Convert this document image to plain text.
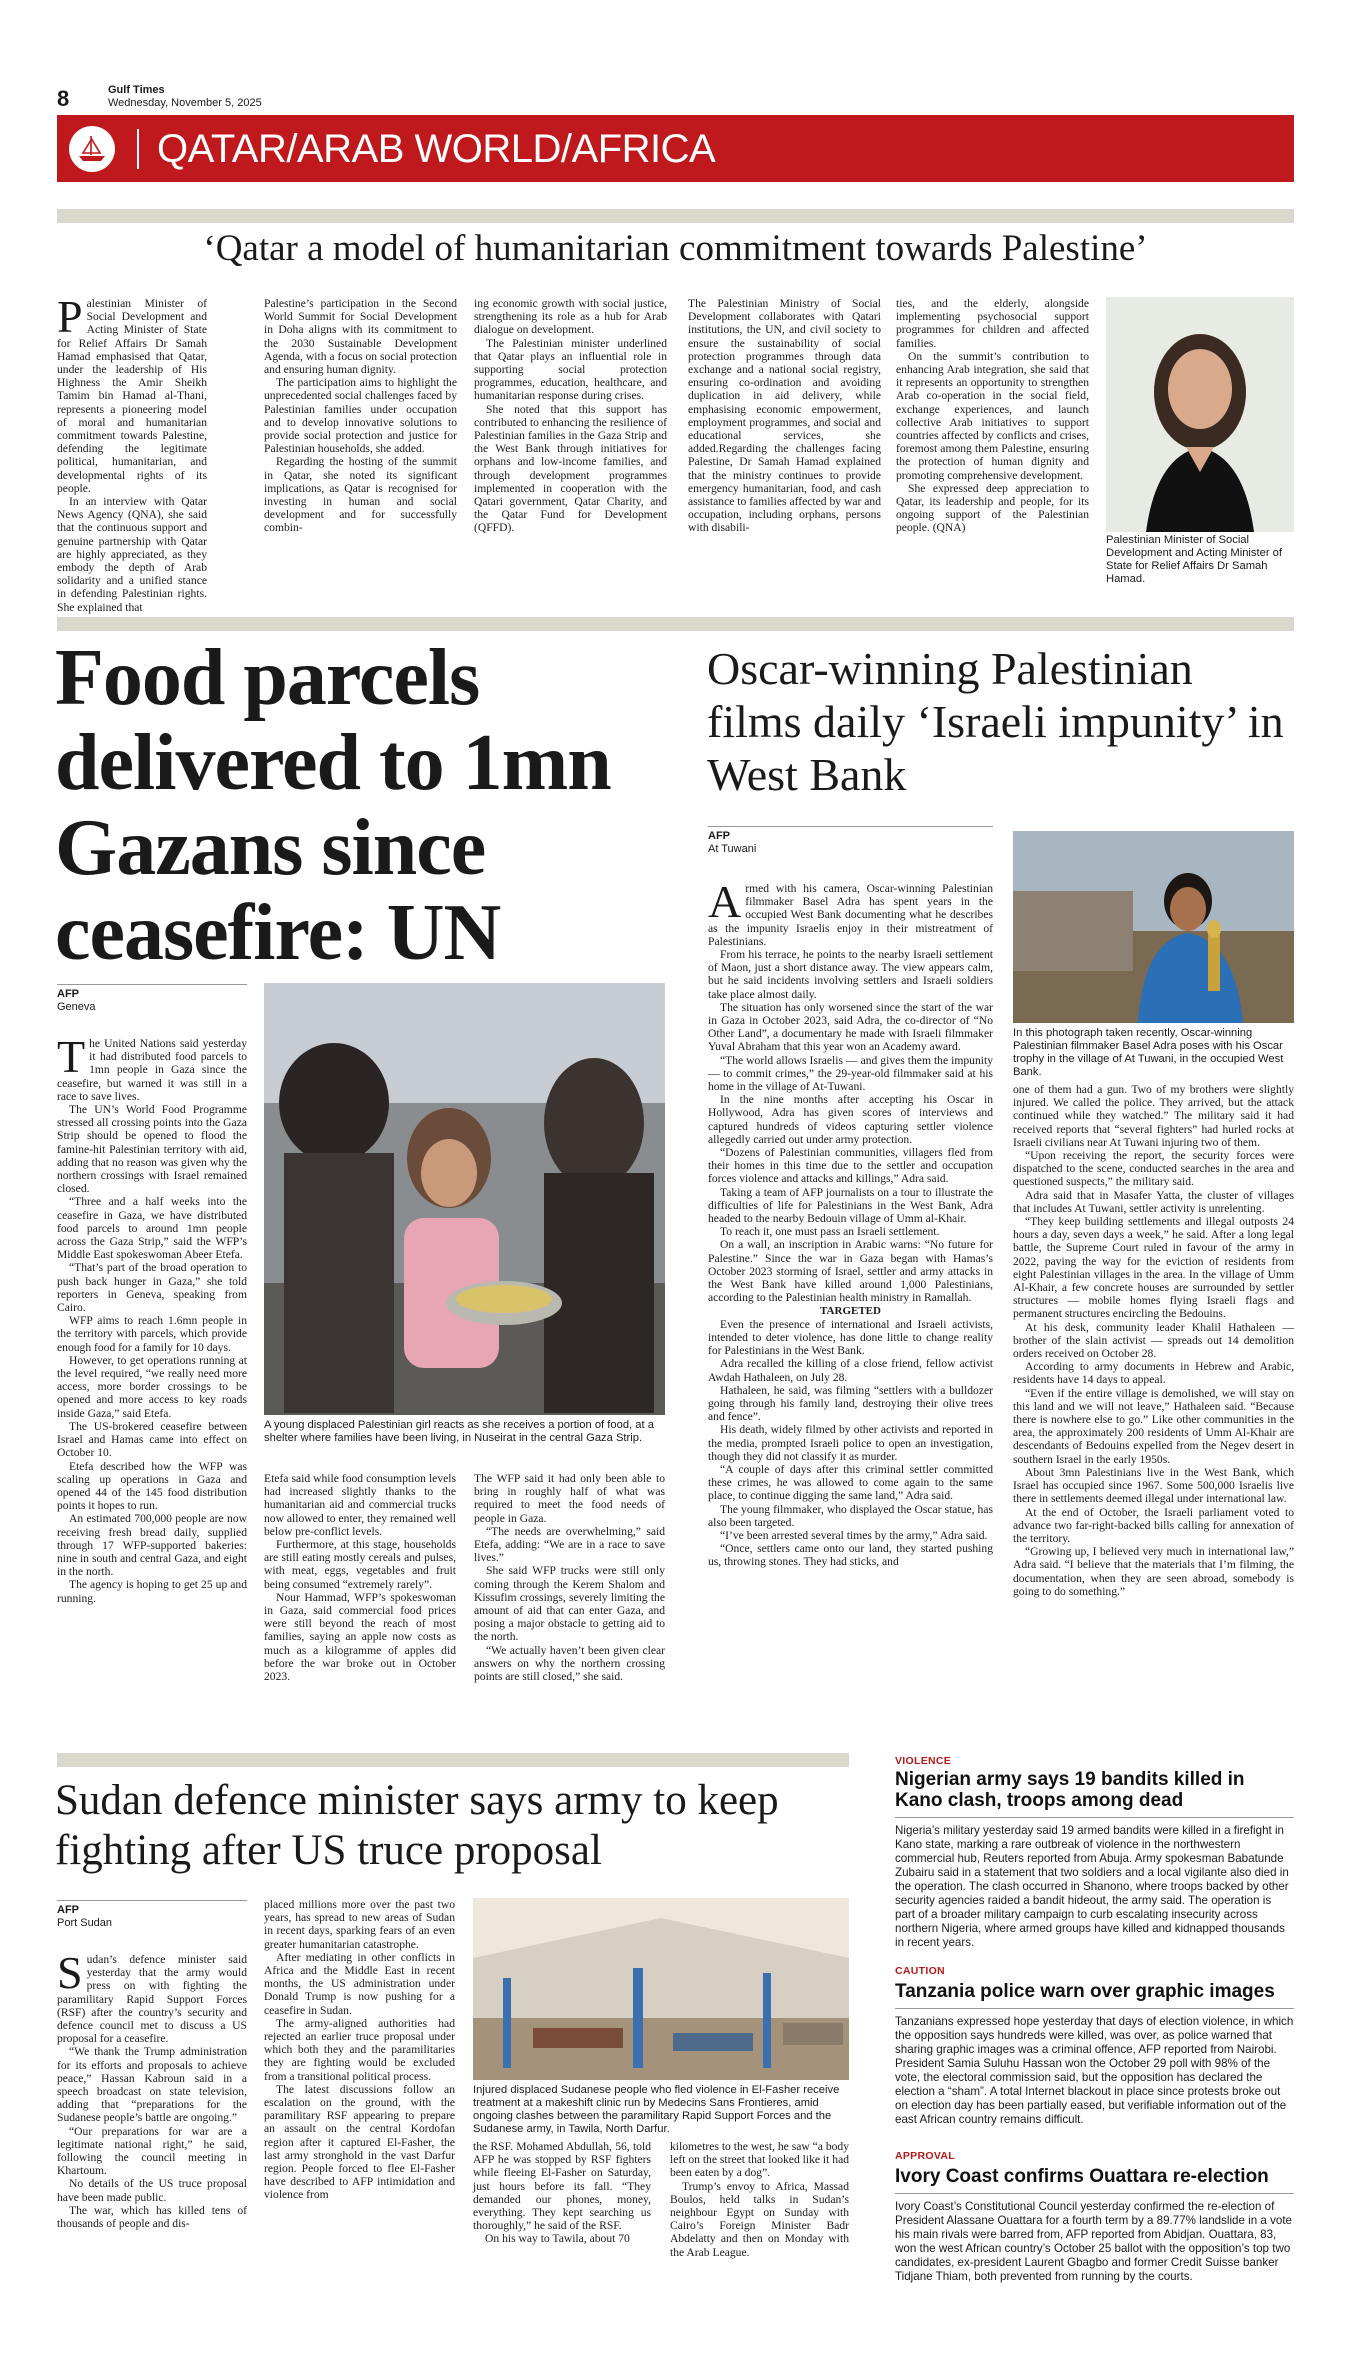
8	Gulf Times
Wednesday, November 5, 2025
QATAR/ARAB WORLD/AFRICA
‘Qatar a model of humanitarian commitment towards Palestine’
P alestinian Minister of Social Development and Acting Minister of State for Relief Affairs Dr Samah Hamad emphasised that Qatar, under the leadership of His Highness the Amir Sheikh Tamim bin Hamad al-Thani, represents a pioneering model of moral and humanitarian commitment towards Palestine, defending the legitimate political, humanitarian, and developmental rights of its people.

In an interview with Qatar News Agency (QNA), she said that the continuous support and genuine partnership with Qatar are highly appreciated, as they embody the depth of Arab solidarity and a unified stance in defending Palestinian rights. She explained that

Palestine’s participation in the Second World Summit for Social Development in Doha aligns with its commitment to the 2030 Sustainable Development Agenda, with a focus on social protection and ensuring human dignity.

The participation aims to highlight the unprecedented social challenges faced by Palestinian families under occupation and to develop innovative solutions to provide social protection and justice for Palestinian households, she added.

Regarding the hosting of the summit in Qatar, she noted its significant implications, as Qatar is recognised for investing in human and social development and for successfully combin-

ing economic growth with social justice, strengthening its role as a hub for Arab dialogue on development.

The Palestinian minister underlined that Qatar plays an influential role in supporting social protection programmes, education, healthcare, and humanitarian response during crises.

She noted that this support has contributed to enhancing the resilience of Palestinian families in the Gaza Strip and the West Bank through initiatives for orphans and low-income families, and through development programmes implemented in cooperation with the Qatari government, Qatar Charity, and the Qatar Fund for Development (QFFD).

The Palestinian Ministry of Social Development collaborates with Qatari institutions, the UN, and civil society to ensure the sustainability of social protection programmes through data exchange and a national social registry, ensuring co-ordination and avoiding duplication in aid delivery, while emphasising economic empowerment, employment programmes, and social and educational services, she added.Regarding the challenges facing Palestine, Dr Samah Hamad explained that the ministry continues to provide emergency humanitarian, food, and cash assistance to families affected by war and occupation, including orphans, persons with disabili-

ties, and the elderly, alongside implementing psychosocial support programmes for children and affected families.

On the summit’s contribution to enhancing Arab integration, she said that it represents an opportunity to strengthen Arab co-operation in the social field, exchange experiences, and launch collective Arab initiatives to support countries affected by conflicts and crises, foremost among them Palestine, ensuring the protection of human dignity and promoting comprehensive development.

She expressed deep appreciation to Qatar, its leadership and people, for its ongoing support of the Palestinian people. (QNA)

Palestinian Minister of Social Development and Acting Minister of State for Relief Affairs Dr Samah Hamad.
Food parcels delivered to 1mn Gazans since ceasefire: UN
AFP
Geneva
T he United Nations said yesterday it had distributed food parcels to 1mn people in Gaza since the ceasefire, but warned it was still in a race to save lives.

The UN’s World Food Programme stressed all crossing points into the Gaza Strip should be opened to flood the famine-hit Palestinian territory with aid, adding that no reason was given why the northern crossings with Israel remained closed.

“Three and a half weeks into the ceasefire in Gaza, we have distributed food parcels to around 1mn people across the Gaza Strip,” said the WFP’s Middle East spokeswoman Abeer Etefa.

“That’s part of the broad operation to push back hunger in Gaza,” she told reporters in Geneva, speaking from Cairo.

WFP aims to reach 1.6mn people in the territory with parcels, which provide enough food for a family for 10 days.

However, to get operations running at the level required, “we really need more access, more border crossings to be opened and more access to key roads inside Gaza,” said Etefa.

The US-brokered ceasefire between Israel and Hamas came into effect on October 10.

Etefa described how the WFP was scaling up operations in Gaza and opened 44 of the 145 food distribution points it hopes to run.

An estimated 700,000 people are now receiving fresh bread daily, supplied through 17 WFP-supported bakeries: nine in south and central Gaza, and eight in the north.

The agency is hoping to get 25 up and running.

A young displaced Palestinian girl reacts as she receives a portion of food, at a shelter where families have been living, in Nuseirat in the central Gaza Strip.

Etefa said while food consumption levels had increased slightly thanks to the humanitarian aid and commercial trucks now allowed to enter, they remained well below pre-conflict levels.

Furthermore, at this stage, households are still eating mostly cereals and pulses, with meat, eggs, vegetables and fruit being consumed “extremely rarely”.

Nour Hammad, WFP’s spokeswoman in Gaza, said commercial food prices were still beyond the reach of most families, saying an apple now costs as much as a kilogramme of apples did before the war broke out in October 2023.

The WFP said it had only been able to bring in roughly half of what was required to meet the food needs of people in Gaza.

“The needs are overwhelming,” said Etefa, adding: “We are in a race to save lives.”

She said WFP trucks were still only coming through the Kerem Shalom and Kissufim crossings, severely limiting the amount of aid that can enter Gaza, and posing a major obstacle to getting aid to the north.

“We actually haven’t been given clear answers on why the northern crossing points are still closed,” she said.

Oscar-winning Palestinian films daily ‘Israeli impunity’ in West Bank
AFP
At Tuwani
A rmed with his camera, Oscar-winning Palestinian filmmaker Basel Adra has spent years in the occupied West Bank documenting what he describes as the impunity Israelis enjoy in their mistreatment of Palestinians.

From his terrace, he points to the nearby Israeli settlement of Maon, just a short distance away. The view appears calm, but he said incidents involving settlers and Israeli soldiers take place almost daily.

The situation has only worsened since the start of the war in Gaza in October 2023, said Adra, the co-director of “No Other Land”, a documentary he made with Israeli filmmaker Yuval Abraham that this year won an Academy award.

“The world allows Israelis — and gives them the impunity — to commit crimes,” the 29-year-old filmmaker said at his home in the village of At-Tuwani.

In the nine months after accepting his Oscar in Hollywood, Adra has given scores of interviews and captured hundreds of videos capturing settler violence allegedly carried out under army protection.

“Dozens of Palestinian communities, villagers fled from their homes in this time due to the settler and occupation forces violence and attacks and killings,” Adra said.

Taking a team of AFP journalists on a tour to illustrate the difficulties of life for Palestinians in the West Bank, Adra headed to the nearby Bedouin village of Umm al-Khair.

To reach it, one must pass an Israeli settlement.

On a wall, an inscription in Arabic warns: “No future for Palestine.” Since the war in Gaza began with Hamas’s October 2023 storming of Israel, settler and army attacks in the West Bank have killed around 1,000 Palestinians, according to the Palestinian health ministry in Ramallah.

TARGETED

Even the presence of international and Israeli activists, intended to deter violence, has done little to change reality for Palestinians in the West Bank.

Adra recalled the killing of a close friend, fellow activist Awdah Hathaleen, on July 28.

Hathaleen, he said, was filming “settlers with a bulldozer going through his family land, destroying their olive trees and fence”.

His death, widely filmed by other activists and reported in the media, prompted Israeli police to open an investigation, though they did not classify it as murder.

“A couple of days after this criminal settler committed these crimes, he was allowed to come again to the same place, to continue digging the same land,” Adra said.

The young filmmaker, who displayed the Oscar statue, has also been targeted.

“I’ve been arrested several times by the army,” Adra said.

“Once, settlers came onto our land, they started pushing us, throwing stones. They had sticks, and

In this photograph taken recently, Oscar-winning Palestinian filmmaker Basel Adra poses with his Oscar trophy in the village of At Tuwani, in the occupied West Bank.

one of them had a gun. Two of my brothers were slightly injured. We called the police. They arrived, but the attack continued while they watched.” The military said it had received reports that “several fighters” had hurled rocks at Israeli civilians near At Tuwani injuring two of them.

“Upon receiving the report, the security forces were dispatched to the scene, conducted searches in the area and questioned suspects,” the military said.

Adra said that in Masafer Yatta, the cluster of villages that includes At Tuwani, settler activity is unrelenting.

“They keep building settlements and illegal outposts 24 hours a day, seven days a week,” he said. After a long legal battle, the Supreme Court ruled in favour of the army in 2022, paving the way for the eviction of residents from eight Palestinian villages in the area. In the village of Umm Al-Khair, a few concrete houses are surrounded by settler structures — mobile homes flying Israeli flags and permanent structures encircling the Bedouins.

At his desk, community leader Khalil Hathaleen — brother of the slain activist — spreads out 14 demolition orders received on October 28.

According to army documents in Hebrew and Arabic, residents have 14 days to appeal.

“Even if the entire village is demolished, we will stay on this land and we will not leave,” Hathaleen said. “Because there is nowhere else to go.” Like other communities in the area, the approximately 200 residents of Umm Al-Khair are descendants of Bedouins expelled from the Negev desert in southern Israel in the early 1950s.

About 3mn Palestinians live in the West Bank, which Israel has occupied since 1967. Some 500,000 Israelis live there in settlements deemed illegal under international law.

At the end of October, the Israeli parliament voted to advance two far-right-backed bills calling for annexation of the territory.

“Growing up, I believed very much in international law,” Adra said. “I believe that the materials that I’m filming, the documentation, when they are seen abroad, somebody is going to do something.”

Sudan defence minister says army to keep fighting after US truce proposal
AFP
Port Sudan
S udan’s defence minister said yesterday that the army would press on with fighting the paramilitary Rapid Support Forces (RSF) after the country’s security and defence council met to discuss a US proposal for a ceasefire.

“We thank the Trump administration for its efforts and proposals to achieve peace,” Hassan Kabroun said in a speech broadcast on state television, adding that “preparations for the Sudanese people’s battle are ongoing.”

“Our preparations for war are a legitimate national right,” he said, following the council meeting in Khartoum.

No details of the US truce proposal have been made public.

The war, which has killed tens of thousands of people and dis-

placed millions more over the past two years, has spread to new areas of Sudan in recent days, sparking fears of an even greater humanitarian catastrophe.

After mediating in other conflicts in Africa and the Middle East in recent months, the US administration under Donald Trump is now pushing for a ceasefire in Sudan.

The army-aligned authorities had rejected an earlier truce proposal under which both they and the paramilitaries they are fighting would be excluded from a transitional political process.

The latest discussions follow an escalation on the ground, with the paramilitary RSF appearing to prepare an assault on the central Kordofan region after it captured El-Fasher, the last army stronghold in the vast Darfur region. People forced to flee El-Fasher have described to AFP intimidation and violence from

Injured displaced Sudanese people who fled violence in El-Fasher receive treatment at a makeshift clinic run by Medecins Sans Frontieres, amid ongoing clashes between the paramilitary Rapid Support Forces and the Sudanese army, in Tawila, North Darfur.

the RSF. Mohamed Abdullah, 56, told AFP he was stopped by RSF fighters while fleeing El-Fasher on Saturday, just hours before its fall. “They demanded our phones, money, everything. They kept searching us thoroughly,” he said of the RSF.

On his way to Tawila, about 70

kilometres to the west, he saw “a body left on the street that looked like it had been eaten by a dog”.

Trump’s envoy to Africa, Massad Boulos, held talks in Sudan’s neighbour Egypt on Sunday with Cairo’s Foreign Minister Badr Abdelatty and then on Monday with the Arab League.

VIOLENCE
Nigerian army says 19 bandits killed in Kano clash, troops among dead
Nigeria’s military yesterday said 19 armed bandits were killed in a firefight in Kano state, marking a rare outbreak of violence in the northwestern commercial hub, Reuters reported from Abuja. Army spokesman Babatunde Zubairu said in a statement that two soldiers and a local vigilante also died in the operation. The clash occurred in Shanono, where troops backed by other security agencies raided a bandit hideout, the army said. The operation is part of a broader military campaign to curb escalating insecurity across northern Nigeria, where armed groups have killed and kidnapped thousands in recent years.
CAUTION
Tanzania police warn over graphic images
Tanzanians expressed hope yesterday that days of election violence, in which the opposition says hundreds were killed, was over, as police warned that sharing graphic images was a criminal offence, AFP reported from Nairobi. President Samia Suluhu Hassan won the October 29 poll with 98% of the vote, the electoral commission said, but the opposition has declared the election a “sham”. A total Internet blackout in place since protests broke out on election day has been partially eased, but verifiable information out of the east African country remains difficult.
APPROVAL
Ivory Coast confirms Ouattara re-election
Ivory Coast’s Constitutional Council yesterday confirmed the re-election of President Alassane Ouattara for a fourth term by a 89.77% landslide in a vote his main rivals were barred from, AFP reported from Abidjan. Ouattara, 83, won the west African country’s October 25 ballot with the opposition’s top two candidates, ex-president Laurent Gbagbo and former Credit Suisse banker Tidjane Thiam, both prevented from running by the courts.
